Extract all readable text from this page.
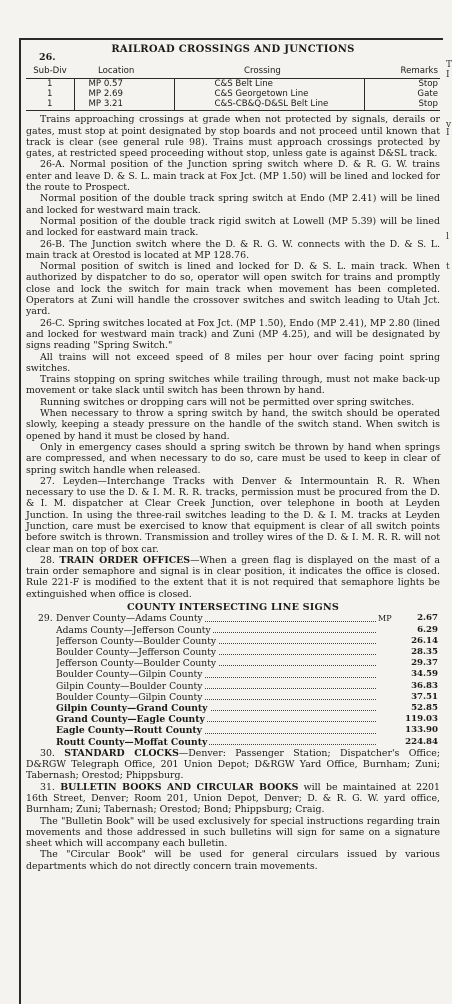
T
I
v
I
l
t
RAILROAD CROSSINGS AND JUNCTIONS
26.
Sub-Div	Location	Crossing	Remarks
1	MP 0.57	C&S Belt Line	Stop
1	MP 2.69	C&S Georgetown Line	Gate
1	MP 3.21	C&S-CB&Q-D&SL Belt Line	Stop

Trains approaching crossings at grade when not protected by signals, derails or gates, must stop at point designated by stop boards and not proceed until known that track is clear (see general rule 98). Trains must approach crossings protected by gates, at restricted speed proceeding without stop, unless gate is against D&SL track.

26-A. Normal position of the Junction spring switch where D. & R. G. W. trains enter and leave D. & S. L. main track at Fox Jct. (MP 1.50) will be lined and locked for the route to Prospect.

Normal position of the double track spring switch at Endo (MP 2.41) will be lined and locked for westward main track.

Normal position of the double track rigid switch at Lowell (MP 5.39) will be lined and locked for eastward main track.

26-B. The Junction switch where the D. & R. G. W. connects with the D. & S. L. main track at Orestod is located at MP 128.76.

Normal position of switch is lined and locked for D. & S. L. main track. When authorized by dispatcher to do so, operator will open switch for trains and promptly close and lock the switch for main track when movement has been completed. Operators at Zuni will handle the crossover switches and switch leading to Utah Jct. yard.

26-C. Spring switches located at Fox Jct. (MP 1.50), Endo (MP 2.41), MP 2.80 (lined and locked for westward main track) and Zuni (MP 4.25), and will be designated by signs reading "Spring Switch."

All trains will not exceed speed of 8 miles per hour over facing point spring switches.

Trains stopping on spring switches while trailing through, must not make back-up movement or take slack until switch has been thrown by hand.

Running switches or dropping cars will not be permitted over spring switches.

When necessary to throw a spring switch by hand, the switch should be operated slowly, keeping a steady pressure on the handle of the switch stand. When switch is opened by hand it must be closed by hand.

Only in emergency cases should a spring switch be thrown by hand when springs are compressed, and when necessary to do so, care must be used to keep in clear of spring switch handle when released.

27. Leyden—Interchange Tracks with Denver & Intermountain R. R. When necessary to use the D. & I. M. R. R. tracks, permission must be procured from the D. & I. M. dispatcher at Clear Creek Junction, over telephone in booth at Leyden Junction. In using the three-rail switches leading to the D. & I. M. tracks at Leyden Junction, care must be exercised to know that equipment is clear of all switch points before switch is thrown. Transmission and trolley wires of the D. & I. M. R. R. will not clear man on top of box car.

28. TRAIN ORDER OFFICES—When a green flag is displayed on the mast of a train order semaphore and signal is in clear position, it indicates the office is closed. Rule 221-F is modified to the extent that it is not required that semaphore lights be extinguished when office is closed.

COUNTY INTERSECTING LINE SIGNS
29.	Denver County—Adams County	MP	2.67
	Adams County—Jefferson County		6.29
	Jefferson County—Boulder County		26.14
	Boulder County—Jefferson County		28.35
	Jefferson County—Boulder County		29.37
	Boulder County—Gilpin County		34.59
	Gilpin County—Boulder County		36.83
	Boulder County—Gilpin County		37.51
	Gilpin County—Grand County		52.85
	Grand County—Eagle County		119.03
	Eagle County—Routt County		133.90
	Routt County—Moffat County		224.84

30. STANDARD CLOCKS—Denver: Passenger Station; Dispatcher's Office; D&RGW Telegraph Office, 201 Union Depot; D&RGW Yard Office, Burnham; Zuni; Tabernash; Orestod; Phippsburg.

31. BULLETIN BOOKS AND CIRCULAR BOOKS will be maintained at 2201 16th Street, Denver; Room 201, Union Depot, Denver; D. & R. G. W. yard office, Burnham; Zuni; Tabernash; Orestod; Bond; Phippsburg; Craig.

The "Bulletin Book" will be used exclusively for special instructions regarding train movements and those addressed in such bulletins will sign for same on a signature sheet which will accompany each bulletin.

The "Circular Book" will be used for general circulars issued by various departments which do not directly concern train movements.
